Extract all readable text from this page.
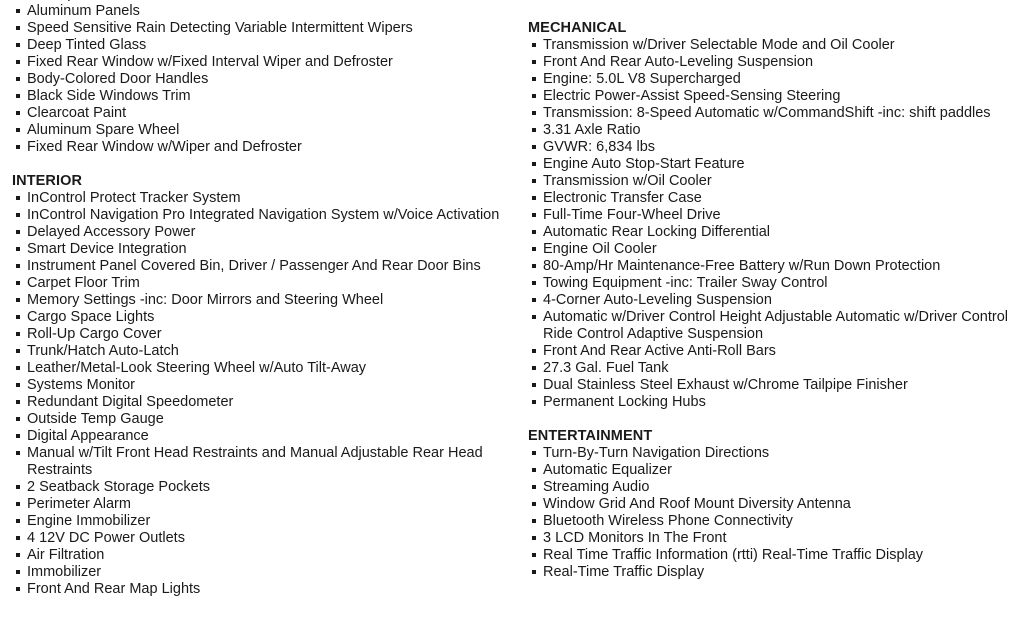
Aluminum Panels
Speed Sensitive Rain Detecting Variable Intermittent Wipers
Deep Tinted Glass
Fixed Rear Window w/Fixed Interval Wiper and Defroster
Body-Colored Door Handles
Black Side Windows Trim
Clearcoat Paint
Aluminum Spare Wheel
Fixed Rear Window w/Wiper and Defroster
INTERIOR
InControl Protect Tracker System
InControl Navigation Pro Integrated Navigation System w/Voice Activation
Delayed Accessory Power
Smart Device Integration
Instrument Panel Covered Bin, Driver / Passenger And Rear Door Bins
Carpet Floor Trim
Memory Settings -inc: Door Mirrors and Steering Wheel
Cargo Space Lights
Roll-Up Cargo Cover
Trunk/Hatch Auto-Latch
Leather/Metal-Look Steering Wheel w/Auto Tilt-Away
Systems Monitor
Redundant Digital Speedometer
Outside Temp Gauge
Digital Appearance
Manual w/Tilt Front Head Restraints and Manual Adjustable Rear Head Restraints
2 Seatback Storage Pockets
Perimeter Alarm
Engine Immobilizer
4 12V DC Power Outlets
Air Filtration
Immobilizer
Front And Rear Map Lights
MECHANICAL
Transmission w/Driver Selectable Mode and Oil Cooler
Front And Rear Auto-Leveling Suspension
Engine: 5.0L V8 Supercharged
Electric Power-Assist Speed-Sensing Steering
Transmission: 8-Speed Automatic w/CommandShift -inc: shift paddles
3.31 Axle Ratio
GVWR: 6,834 lbs
Engine Auto Stop-Start Feature
Transmission w/Oil Cooler
Electronic Transfer Case
Full-Time Four-Wheel Drive
Automatic Rear Locking Differential
Engine Oil Cooler
80-Amp/Hr Maintenance-Free Battery w/Run Down Protection
Towing Equipment -inc: Trailer Sway Control
4-Corner Auto-Leveling Suspension
Automatic w/Driver Control Height Adjustable Automatic w/Driver Control Ride Control Adaptive Suspension
Front And Rear Active Anti-Roll Bars
27.3 Gal. Fuel Tank
Dual Stainless Steel Exhaust w/Chrome Tailpipe Finisher
Permanent Locking Hubs
ENTERTAINMENT
Turn-By-Turn Navigation Directions
Automatic Equalizer
Streaming Audio
Window Grid And Roof Mount Diversity Antenna
Bluetooth Wireless Phone Connectivity
3 LCD Monitors In The Front
Real Time Traffic Information (rtti) Real-Time Traffic Display
Real-Time Traffic Display
